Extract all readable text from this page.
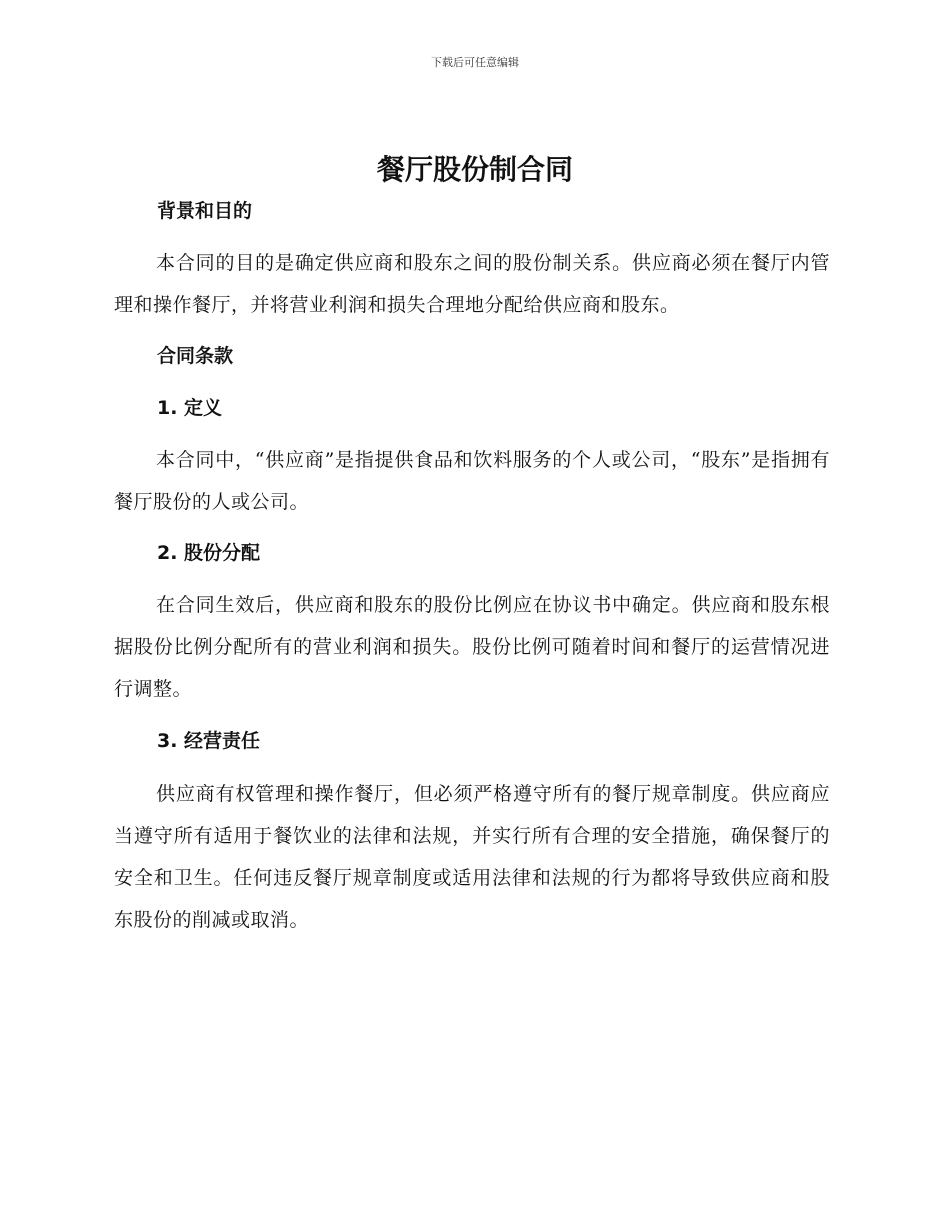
下载后可任意编辑
餐厅股份制合同

背景和目的

本合同的目的是确定供应商和股东之间的股份制关系。供应商必须在餐厅内管理和操作餐厅，并将营业利润和损失合理地分配给供应商和股东。

合同条款

1. 定义

本合同中，“供应商”是指提供食品和饮料服务的个人或公司，“股东”是指拥有餐厅股份的人或公司。

2. 股份分配

在合同生效后，供应商和股东的股份比例应在协议书中确定。供应商和股东根据股份比例分配所有的营业利润和损失。股份比例可随着时间和餐厅的运营情况进行调整。

3. 经营责任

供应商有权管理和操作餐厅，但必须严格遵守所有的餐厅规章制度。供应商应当遵守所有适用于餐饮业的法律和法规，并实行所有合理的安全措施，确保餐厅的安全和卫生。任何违反餐厅规章制度或适用法律和法规的行为都将导致供应商和股东股份的削减或取消。
